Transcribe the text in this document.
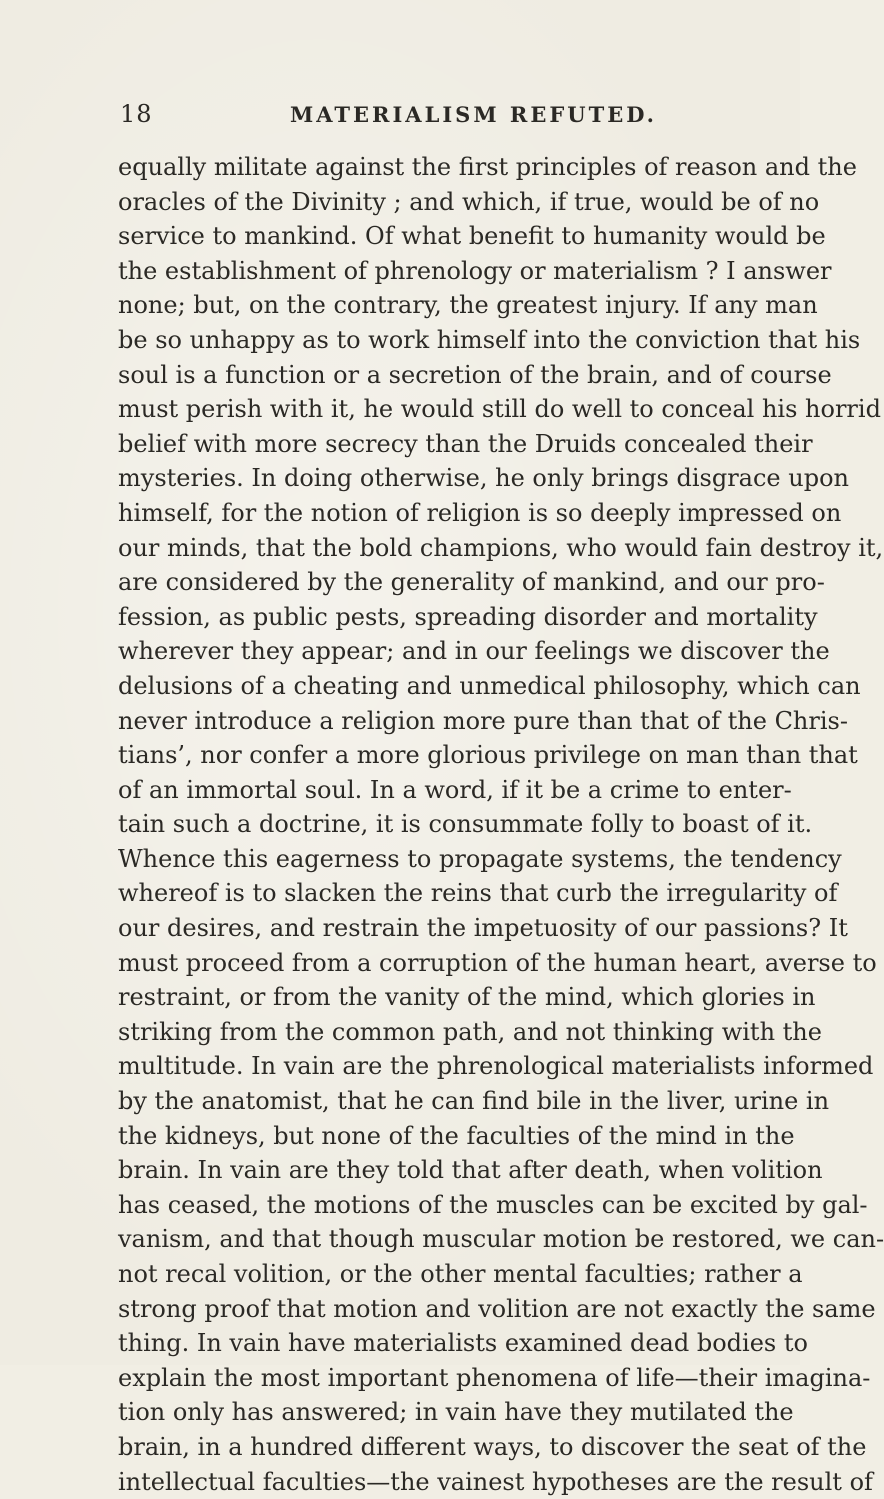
18	MATERIALISM REFUTED.
equally militate against the first principles of reason and the
oracles of the Divinity ; and which, if true, would be of no
service to mankind. Of what benefit to humanity would be
the establishment of phrenology or materialism ? I answer
none; but, on the contrary, the greatest injury. If any man
be so unhappy as to work himself into the conviction that his
soul is a function or a secretion of the brain, and of course
must perish with it, he would still do well to conceal his horrid
belief with more secrecy than the Druids concealed their
mysteries. In doing otherwise, he only brings disgrace upon
himself, for the notion of religion is so deeply impressed on
our minds, that the bold champions, who would fain destroy it,
are considered by the generality of mankind, and our pro-
fession, as public pests, spreading disorder and mortality
wherever they appear; and in our feelings we discover the
delusions of a cheating and unmedical philosophy, which can
never introduce a religion more pure than that of the Chris-
tians’, nor confer a more glorious privilege on man than that
of an immortal soul. In a word, if it be a crime to enter-
tain such a doctrine, it is consummate folly to boast of it.
Whence this eagerness to propagate systems, the tendency
whereof is to slacken the reins that curb the irregularity of
our desires, and restrain the impetuosity of our passions? It
must proceed from a corruption of the human heart, averse to
restraint, or from the vanity of the mind, which glories in
striking from the common path, and not thinking with the
multitude. In vain are the phrenological materialists informed
by the anatomist, that he can find bile in the liver, urine in
the kidneys, but none of the faculties of the mind in the
brain. In vain are they told that after death, when volition
has ceased, the motions of the muscles can be excited by gal-
vanism, and that though muscular motion be restored, we can-
not recal volition, or the other mental faculties; rather a
strong proof that motion and volition are not exactly the same
thing. In vain have materialists examined dead bodies to
explain the most important phenomena of life—their imagina-
tion only has answered; in vain have they mutilated the
brain, in a hundred different ways, to discover the seat of the
intellectual faculties—the vainest hypotheses are the result of
